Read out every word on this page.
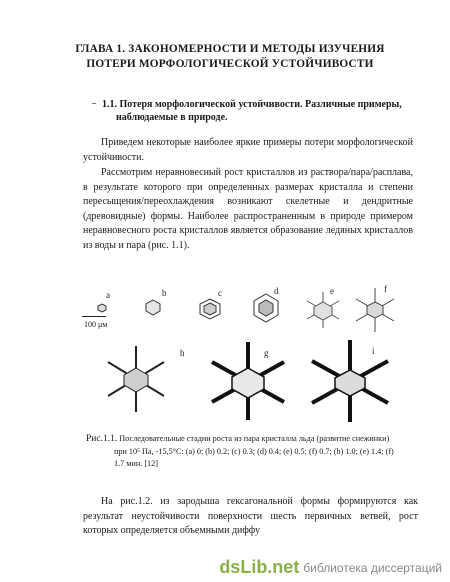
ГЛАВА 1. ЗАКОНОМЕРНОСТИ И МЕТОДЫ ИЗУЧЕНИЯ
ПОТЕРИ МОРФОЛОГИЧЕСКОЙ УСТОЙЧИВОСТИ
1.1. Потеря морфологической устойчивости. Различные примеры,
наблюдаемые в природе.
Приведем некоторые наиболее яркие примеры потери морфологической устойчивости.
Рассмотрим неравновесный рост кристаллов из раствора/пара/расплава, в результате которого при определенных размерах кристалла и степени пересыщения/переохлаждения возникают скелетные и дендритные (древовидные) формы. Наиболее распространенным в природе примером неравновесного роста кристаллов является образование ледяных кристаллов из воды и пара (рис. 1.1).
a	b	c	d	e	f
h	g	i
100 μм
Рис.1.1. Последовательные стадии роста из пара кристалла льда (развитие снежинки)
при 10⁵ Па, -15,5°С: (a) 0; (b) 0.2; (c) 0.3; (d) 0.4; (e) 0.5; (f) 0.7; (h) 1.0; (e) 1.4; (f)
1.7 мин. [12]
На рис.1.2. из зародыша гексагональной формы формируются как результат неустойчивости поверхности шесть первичных ветвей, рост которых определяется объемными диффу
dsLib.net библиотека диссертаций
